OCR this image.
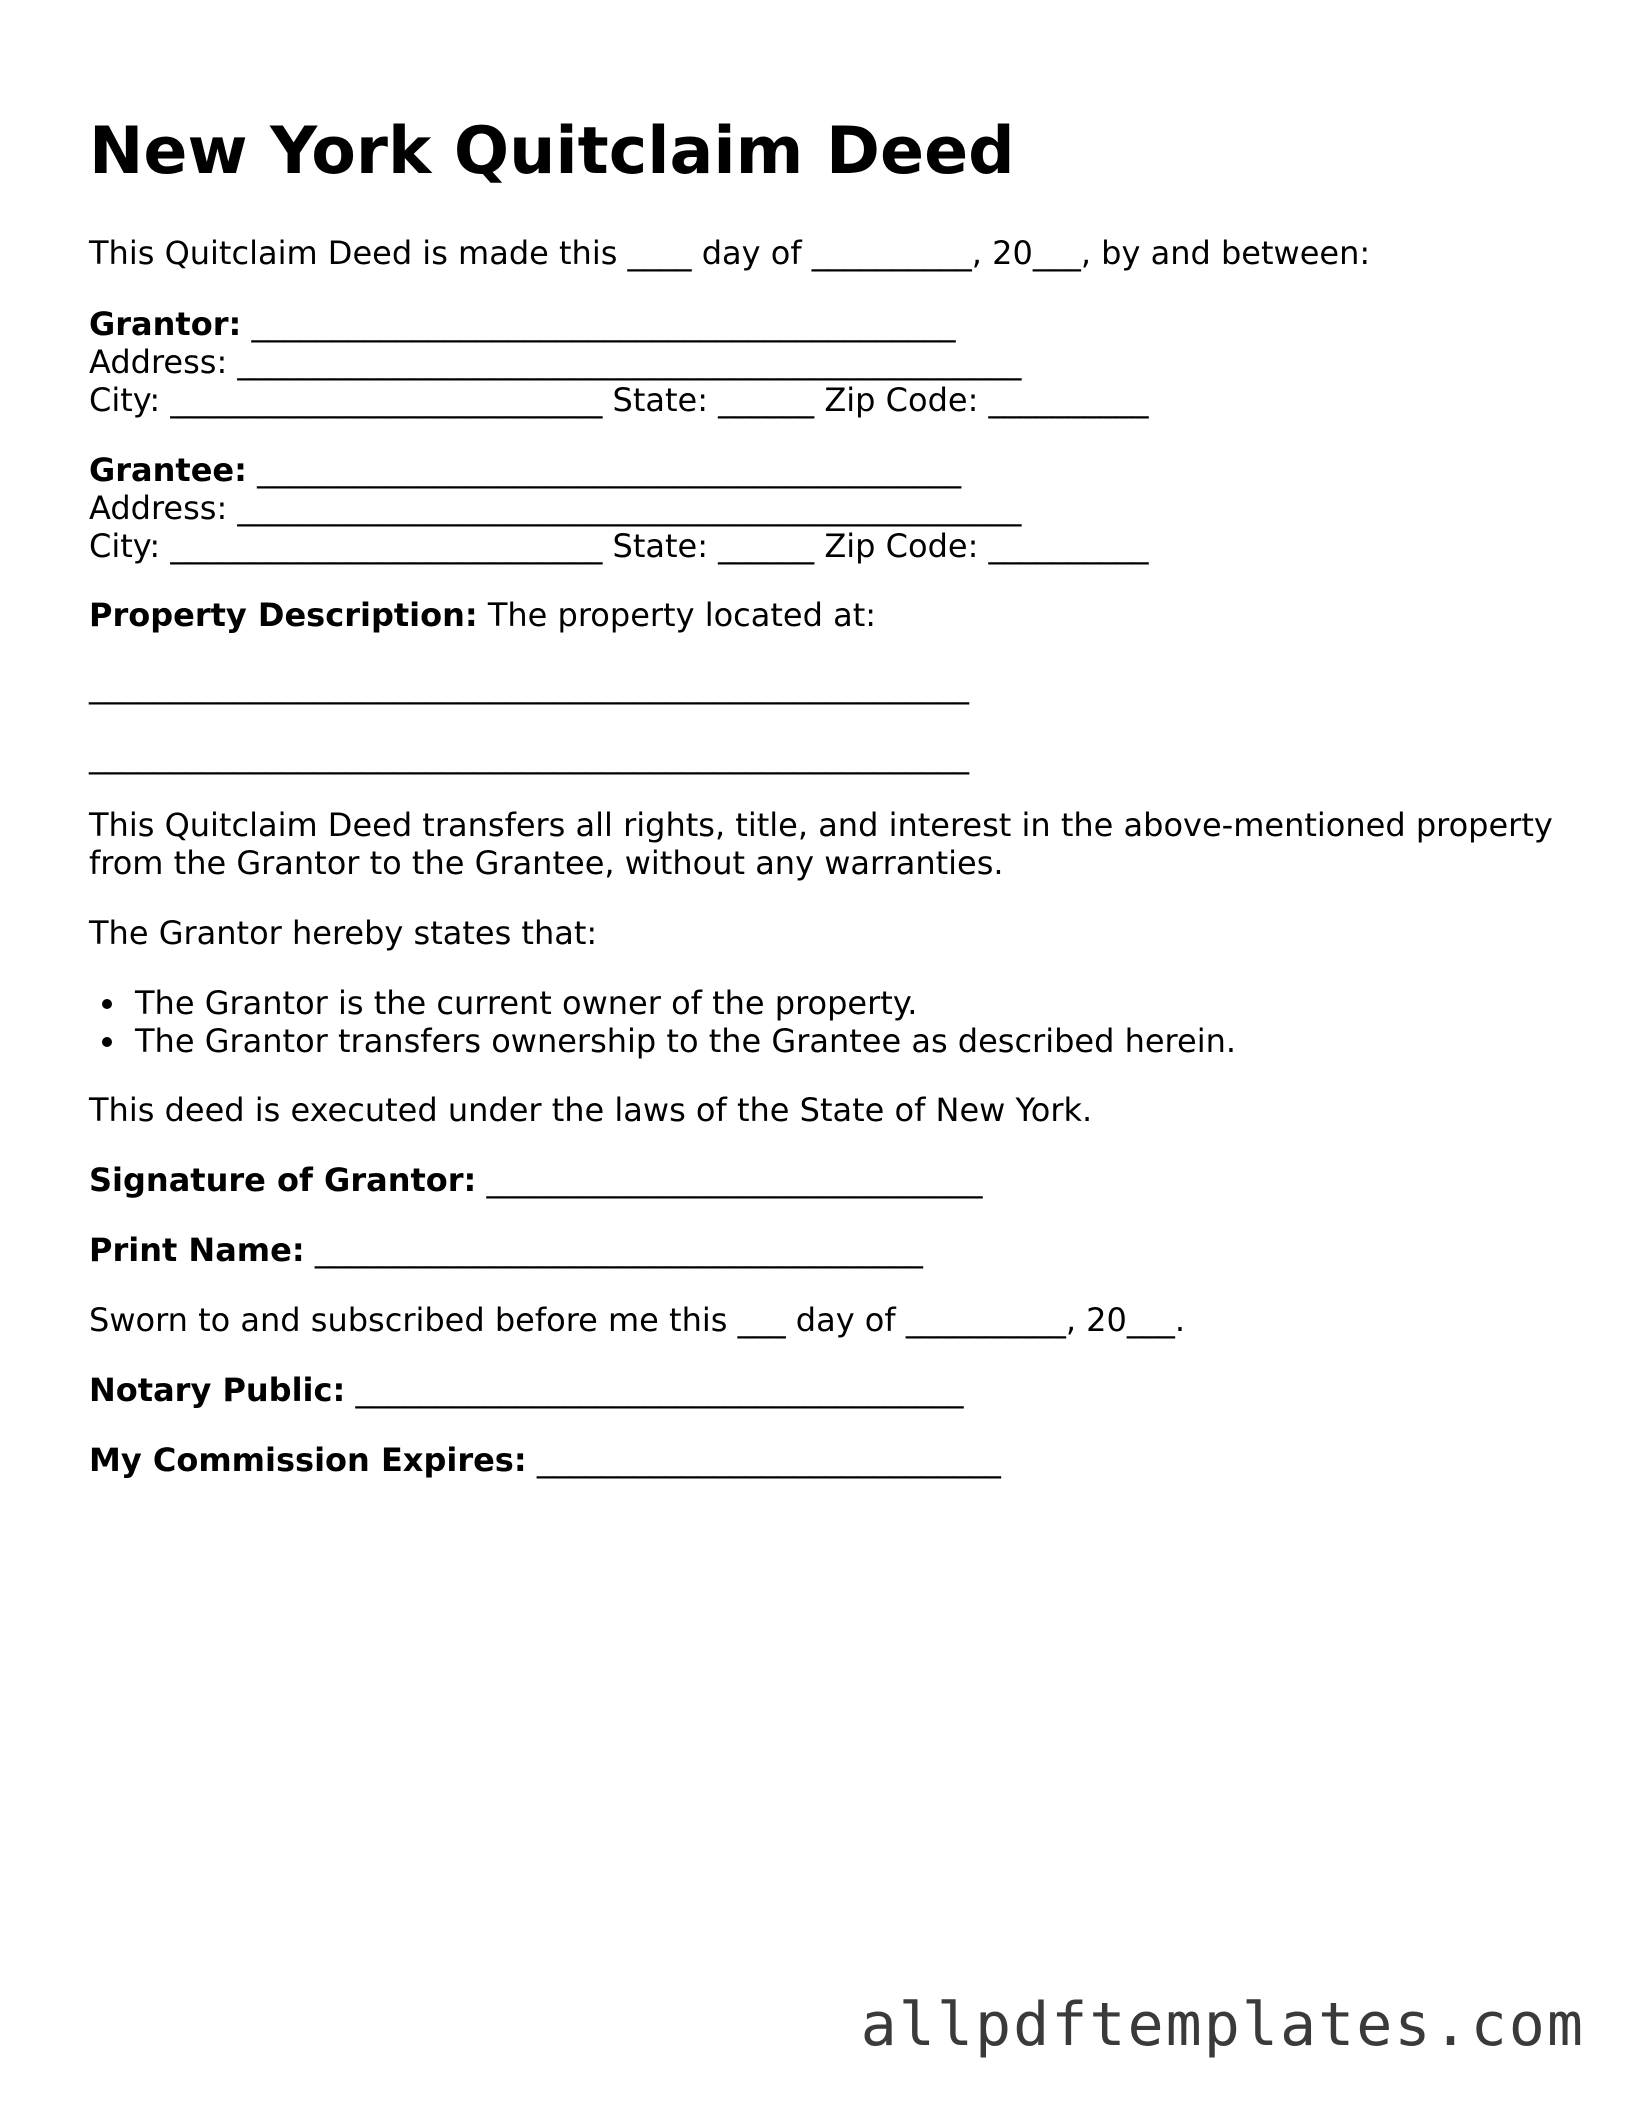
New York Quitclaim Deed
This Quitclaim Deed is made this ____ day of __________, 20___, by and between:
Grantor: ____________________________________________
Address: _________________________________________________
City: ___________________________ State: ______ Zip Code: __________
Grantee: ____________________________________________
Address: _________________________________________________
City: ___________________________ State: ______ Zip Code: __________
Property Description: The property located at:
_______________________________________________________
_______________________________________________________
This Quitclaim Deed transfers all rights, title, and interest in the above-mentioned property
from the Grantor to the Grantee, without any warranties.
The Grantor hereby states that:
The Grantor is the current owner of the property.
The Grantor transfers ownership to the Grantee as described herein.
This deed is executed under the laws of the State of New York.
Signature of Grantor: _______________________________
Print Name: ______________________________________
Sworn to and subscribed before me this ___ day of __________, 20___.
Notary Public: ______________________________________
My Commission Expires: _____________________________
allpdftemplates.com
